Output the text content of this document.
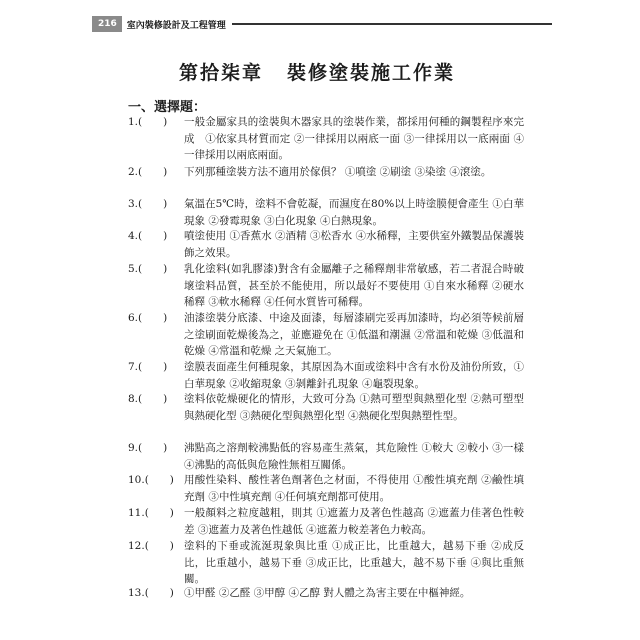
216	室內裝修設計及工程管理
第拾柒章 裝修塗裝施工作業
一、選擇題：
1.(　　)	一般金屬家具的塗裝與木器家具的塗裝作業，都採用何種的鋼製程序來完成　①依家具材質而定 ②一律採用以兩底一面 ③一律採用以一底兩面 ④一律採用以兩底兩面。
2.(　　)	下列那種塗裝方法不適用於傢俱？ ①噴塗 ②刷塗 ③染塗 ④滾塗。
3.(　　)	氣溫在5℃時，塗料不會乾凝，而濕度在80%以上時塗膜便會產生 ①白華現象 ②發霉現象 ③白化現象 ④白熱現象。
4.(　　)	噴塗使用 ①香蕉水 ②酒精 ③松香水 ④水稀釋，主要供室外鐵製品保護裝飾之效果。
5.(　　)	乳化塗料(如乳膠漆)對含有金屬離子之稀釋劑非常敏感，若二者混合時破壞塗料品質，甚至於不能使用，所以最好不要使用 ①自來水稀釋 ②硬水稀釋 ③軟水稀釋 ④任何水質皆可稀釋。
6.(　　)	油漆塗裝分底漆、中途及面漆，每層漆刷完妥再加漆時，均必須等候前層之塗刷面乾燥後為之，並應避免在 ①低溫和潮濕 ②常溫和乾燥 ③低溫和乾燥 ④常溫和乾燥 之天氣施工。
7.(　　)	塗膜表面產生何種現象，其原因為木面或塗料中含有水份及油份所致，①白華現象 ②收縮現象 ③剝離針孔現象 ④龜裂現象。
8.(　　)	塗料依乾燥硬化的情形，大致可分為 ①熱可塑型與熱塑化型 ②熱可塑型與熱硬化型 ③熱硬化型與熱塑化型 ④熱硬化型與熱塑性型。
9.(　　)	沸點高之溶劑較沸點低的容易產生蒸氣，其危險性 ①較大 ②較小 ③一樣 ④沸點的高低與危險性無相互關係。
10.(　　) 用酸性染料、酸性著色劑著色之材面，不得使用 ①酸性填充劑 ②鹼性填充劑 ③中性填充劑 ④任何填充劑都可使用。
11.(　　) 一般顏料之粒度越粗，則其 ①遮蓋力及著色性越高 ②遮蓋力佳著色性較差 ③遮蓋力及著色性越低 ④遮蓋力較差著色力較高。
12.(　　) 塗料的下垂或流涎現象與比重 ①成正比，比重越大，越易下垂 ②成反比，比重越小，越易下垂 ③成正比，比重越大，越不易下垂 ④與比重無關。
13.(　　) ①甲醛 ②乙醛 ③甲醇 ④乙醇 對人體之為害主要在中樞神經。
